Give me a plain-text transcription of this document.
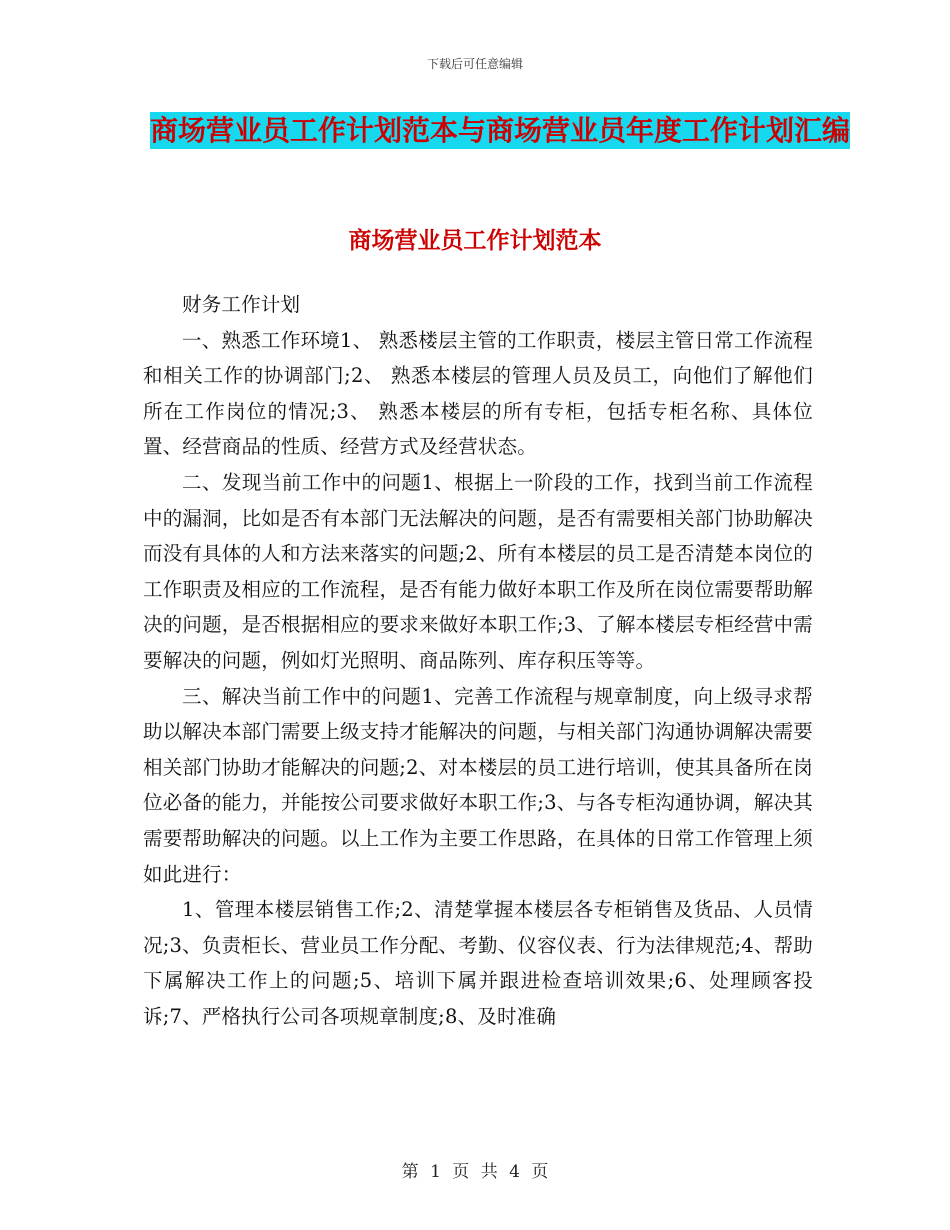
下载后可任意编辑
商场营业员工作计划范本与商场营业员年度工作计划汇编
商场营业员工作计划范本

财务工作计划

一、熟悉工作环境1、 熟悉楼层主管的工作职责，楼层主管日常工作流程和相关工作的协调部门;2、 熟悉本楼层的管理人员及员工，向他们了解他们所在工作岗位的情况;3、 熟悉本楼层的所有专柜，包括专柜名称、具体位置、经营商品的性质、经营方式及经营状态。

二、发现当前工作中的问题1、根据上一阶段的工作，找到当前工作流程中的漏洞，比如是否有本部门无法解决的问题，是否有需要相关部门协助解决而没有具体的人和方法来落实的问题;2、所有本楼层的员工是否清楚本岗位的工作职责及相应的工作流程，是否有能力做好本职工作及所在岗位需要帮助解决的问题，是否根据相应的要求来做好本职工作;3、了解本楼层专柜经营中需要解决的问题，例如灯光照明、商品陈列、库存积压等等。

三、解决当前工作中的问题1、完善工作流程与规章制度，向上级寻求帮助以解决本部门需要上级支持才能解决的问题，与相关部门沟通协调解决需要相关部门协助才能解决的问题;2、对本楼层的员工进行培训，使其具备所在岗位必备的能力，并能按公司要求做好本职工作;3、与各专柜沟通协调，解决其需要帮助解决的问题。以上工作为主要工作思路，在具体的日常工作管理上须如此进行：

1、管理本楼层销售工作;2、清楚掌握本楼层各专柜销售及货品、人员情况;3、负责柜长、营业员工作分配、考勤、仪容仪表、行为法律规范;4、帮助下属解决工作上的问题;5、培训下属并跟进检查培训效果;6、处理顾客投诉;7、严格执行公司各项规章制度;8、及时准确

第 1 页 共 4 页
